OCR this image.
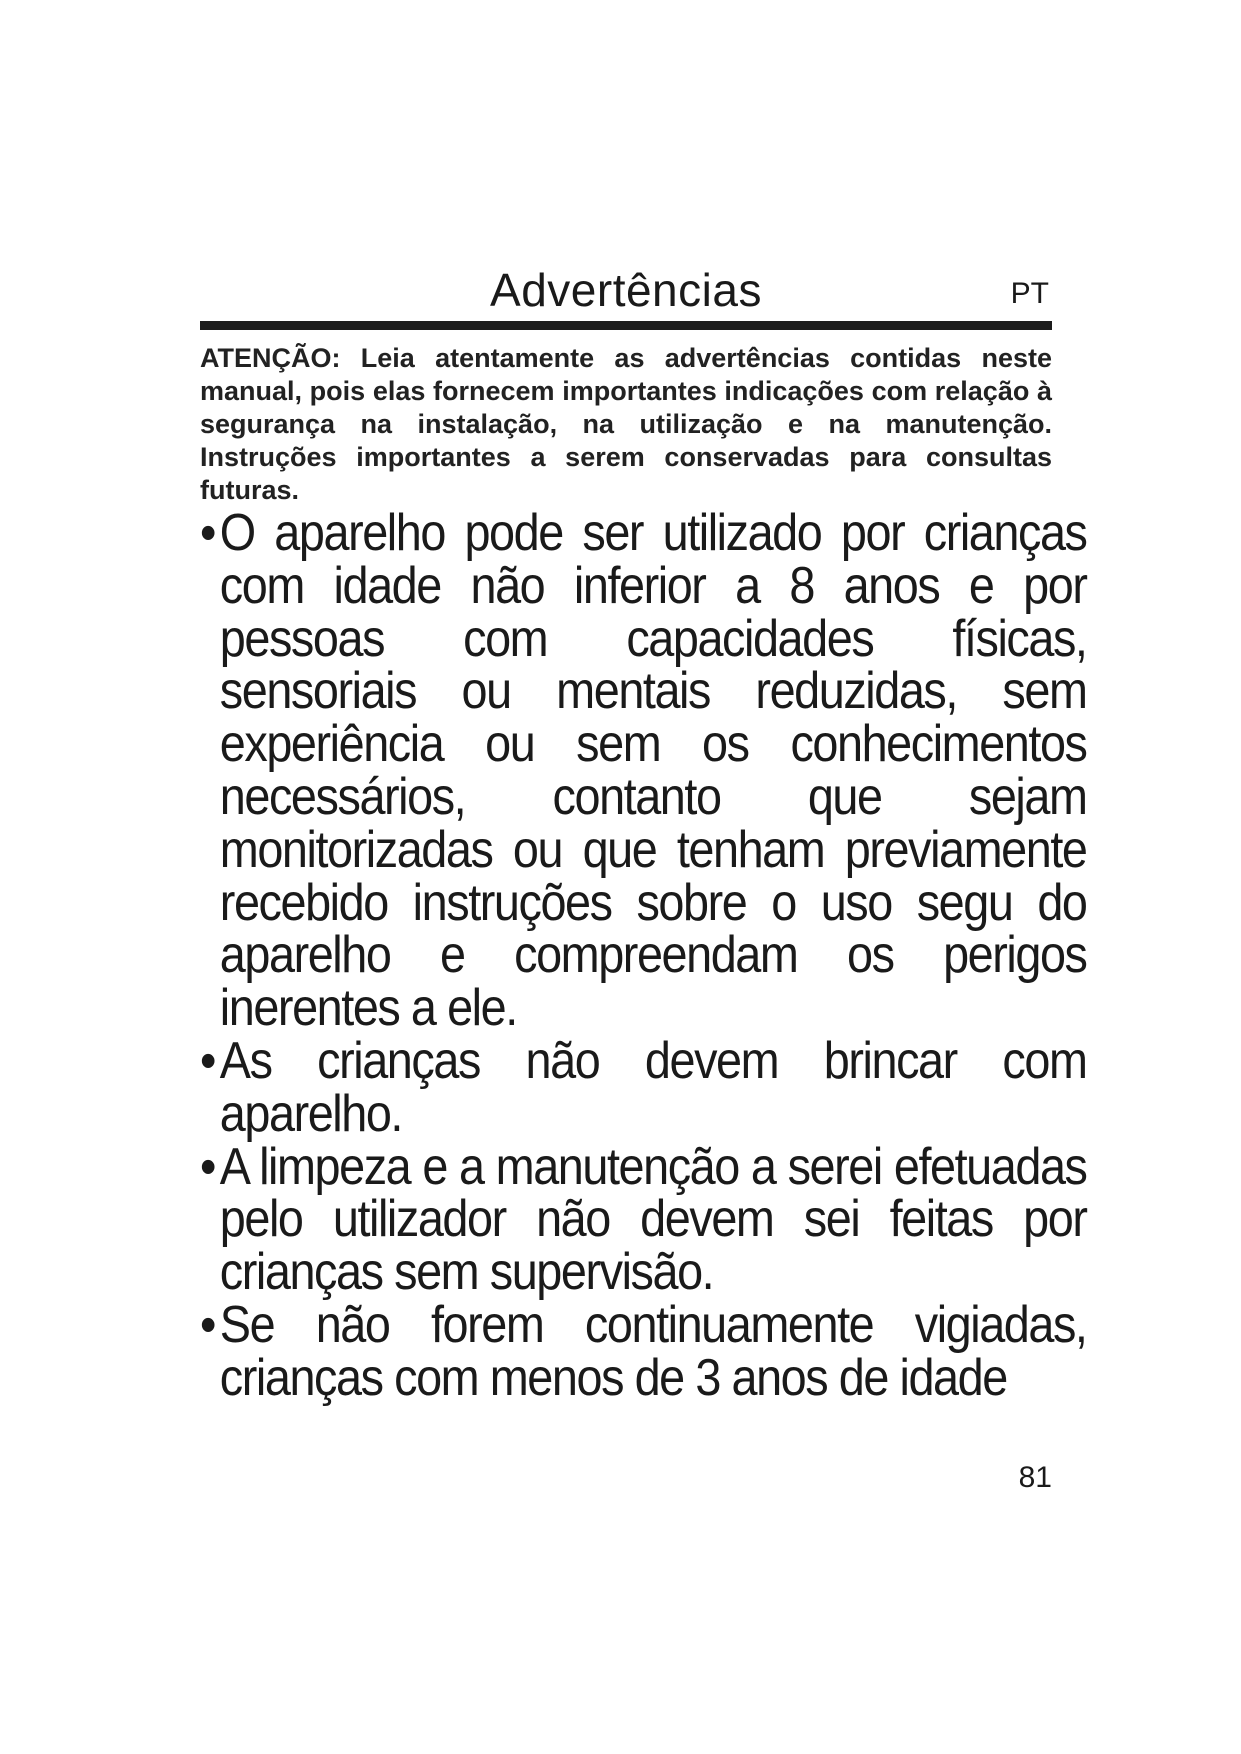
Advertências	PT
ATENÇÃO: Leia atentamente as advertências contidas neste manual, pois elas fornecem importantes indicações com relação à segurança na instalação, na utilização e na manutenção. Instruções importantes a serem conservadas para consultas futuras.
• O aparelho pode ser utilizado por crianças com idade não inferior a 8 anos e por pessoas com capacidades físicas, sensoriais ou mentais reduzidas, sem experiência ou sem os conhecimentos necessários, contanto que sejam monitorizadas ou que tenham previamente recebido instruções sobre o uso segu do aparelho e compreendam os perigos inerentes a ele.
• As crianças não devem brincar com aparelho.
• A limpeza e a manutenção a serei efetuadas pelo utilizador não devem sei feitas por crianças sem supervisão.
• Se não forem continuamente vigiadas, crianças com menos de 3 anos de idade
81
